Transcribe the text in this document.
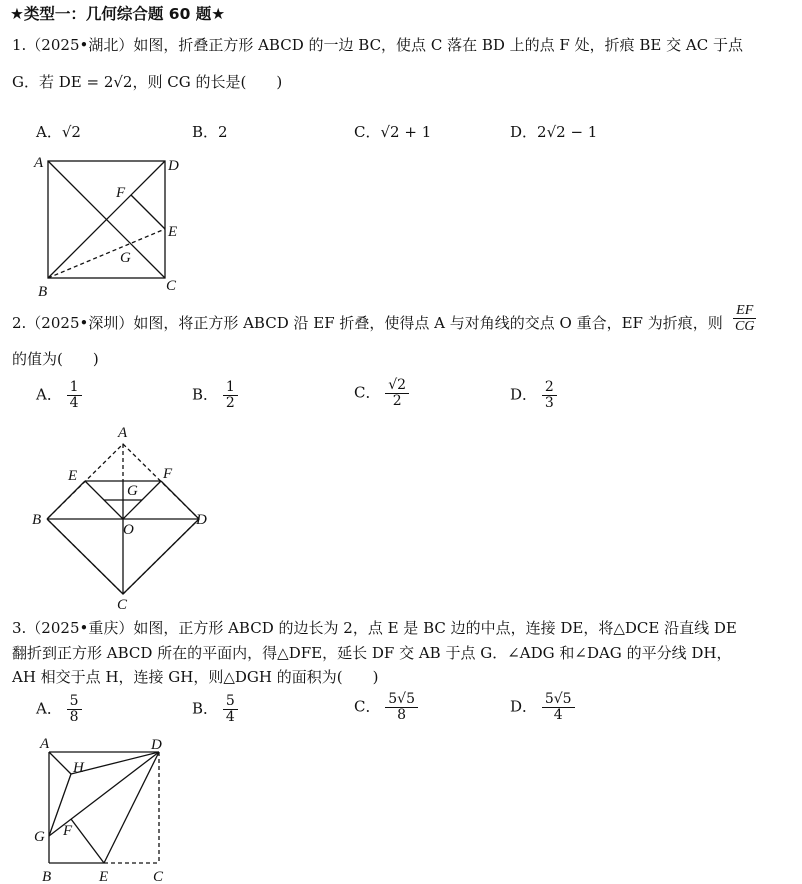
★类型一：几何综合题 60 题★
1.（2025•湖北）如图，折叠正方形 ABCD 的一边 BC，使点 C 落在 BD 上的点 F 处，折痕 BE 交 AC 于点
G．若 DE = 2√2，则 CG 的长是(　　)
A．√2	B．2	C．√2 + 1	D．2√2 − 1
A	D
B	C
E
F
G
2.（2025•深圳）如图，将正方形 ABCD 沿 EF 折叠，使得点 A 与对角线的交点 O 重合，EF 为折痕，则 $\frac{EF}{CG}$
的值为(　　)
A． $\frac{1}{4}$	B． $\frac{1}{2}$	C． $\frac{√2}{2}$	D． $\frac{2}{3}$
A
E	F
G
B	D
O
C
3.（2025•重庆）如图，正方形 ABCD 的边长为 2，点 E 是 BC 边的中点，连接 DE，将△DCE 沿直线 DE
翻折到正方形 ABCD 所在的平面内，得△DFE，延长 DF 交 AB 于点 G．∠ADG 和∠DAG 的平分线 DH，
AH 相交于点 H，连接 GH，则△DGH 的面积为(　　)
A． $\frac{5}{8}$	B． $\frac{5}{4}$	C． $\frac{5√5}{8}$	D． $\frac{5√5}{4}$
A	D
H
G F
B	E	C
